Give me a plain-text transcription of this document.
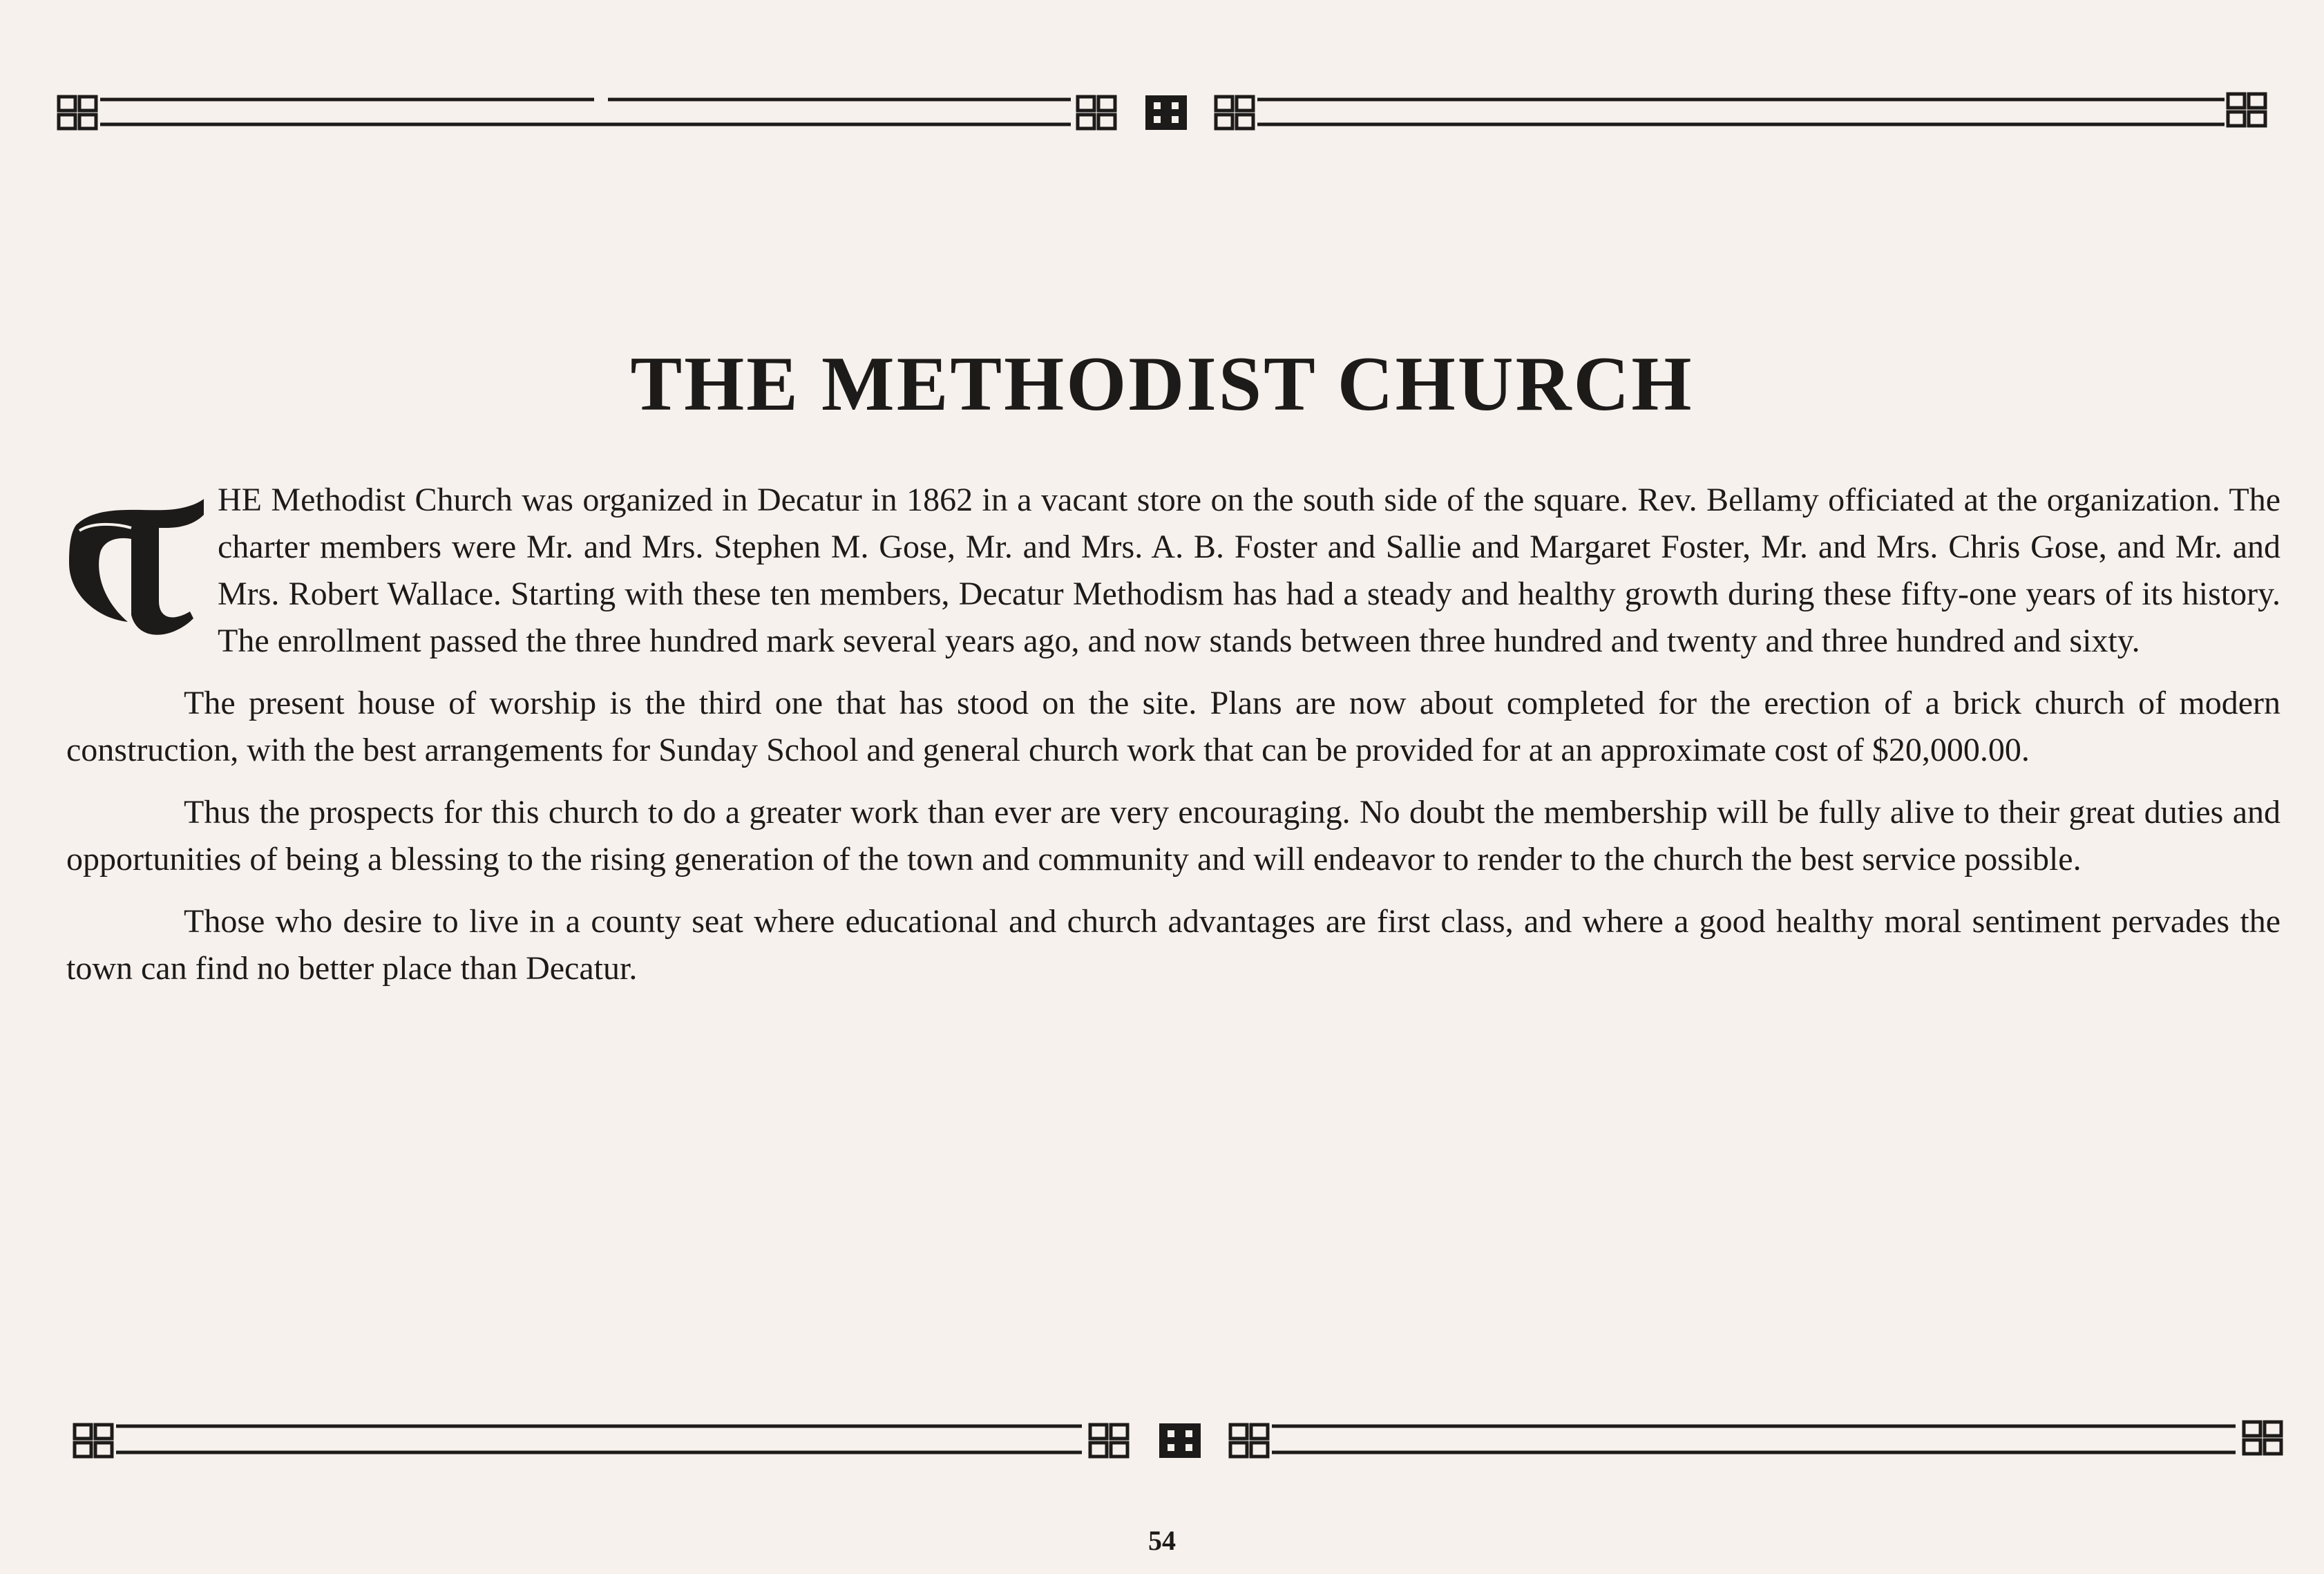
THE METHODIST CHURCH

HE Methodist Church was organized in Decatur in 1862 in a vacant store on the south side of the square. Rev. Bellamy officiated at the organization. The charter members were Mr. and Mrs. Stephen M. Gose, Mr. and Mrs. A. B. Foster and Sallie and Margaret Foster, Mr. and Mrs. Chris Gose, and Mr. and Mrs. Robert Wallace. Starting with these ten members, Decatur Methodism has had a steady and healthy growth during these fifty-one years of its history. The enrollment passed the three hundred mark several years ago, and now stands between three hundred and twenty and three hundred and sixty.

The present house of worship is the third one that has stood on the site. Plans are now about completed for the erection of a brick church of modern construction, with the best arrangements for Sunday School and general church work that can be provided for at an approximate cost of $20,000.00.

Thus the prospects for this church to do a greater work than ever are very encouraging. No doubt the membership will be fully alive to their great duties and opportunities of being a blessing to the rising generation of the town and community and will endeavor to render to the church the best service possible.

Those who desire to live in a county seat where educational and church advantages are first class, and where a good healthy moral sentiment pervades the town can find no better place than Decatur.

54
